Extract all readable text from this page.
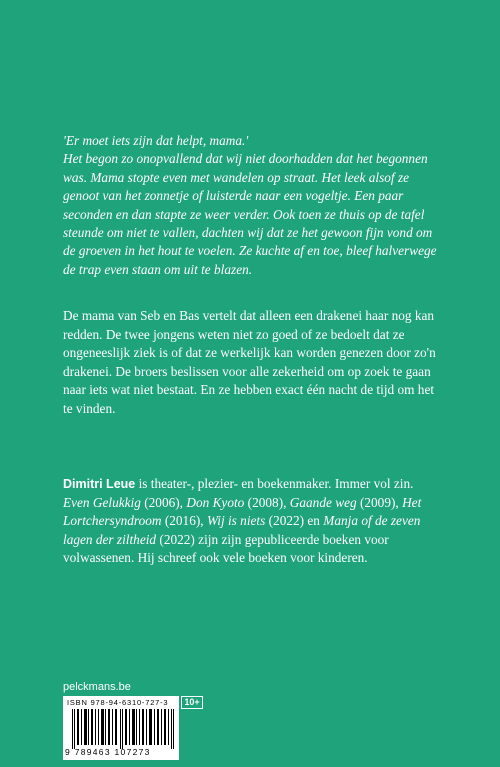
'Er moet iets zijn dat helpt, mama.'

Het begon zo onopvallend dat wij niet doorhadden dat het begonnen was. Mama stopte even met wandelen op straat. Het leek alsof ze genoot van het zonnetje of luisterde naar een vogeltje. Een paar seconden en dan stapte ze weer verder. Ook toen ze thuis op de tafel steunde om niet te vallen, dachten wij dat ze het gewoon fijn vond om de groeven in het hout te voelen. Ze kuchte af en toe, bleef halverwege de trap even staan om uit te blazen.

De mama van Seb en Bas vertelt dat alleen een drakenei haar nog kan redden. De twee jongens weten niet zo goed of ze bedoelt dat ze ongeneeslijk ziek is of dat ze werkelijk kan worden genezen door zo'n drakenei. De broers beslissen voor alle zekerheid om op zoek te gaan naar iets wat niet bestaat. En ze hebben exact één nacht de tijd om het te vinden.

Dimitri Leue is theater-, plezier- en boekenmaker. Immer vol zin. Even Gelukkig (2006), Don Kyoto (2008), Gaande weg (2009), Het Lortchersyndroom (2016), Wij is niets (2022) en Manja of de zeven lagen der ziltheid (2022) zijn zijn gepubliceerde boeken voor volwassenen. Hij schreef ook vele boeken voor kinderen.

pelckmans.be
ISBN 978-94-6310-727-3
9 789463 107273
10+
